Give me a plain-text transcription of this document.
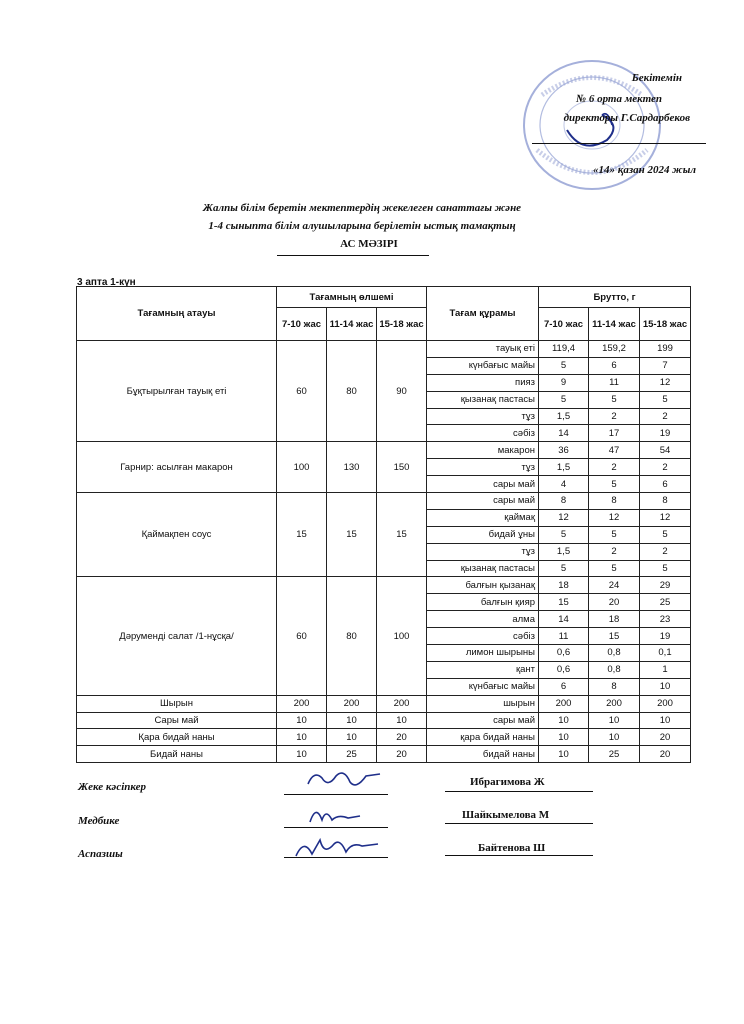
Бекітемін
№ 6 орта мектеп
директоры Г.Сардарбеков
«14» қазан 2024 жыл
Жалпы білім беретін мектептердің жекелеген санаттағы және
1-4 сыныпта білім алушыларына берілетін ыстық тамақтың
АС МӘЗІРІ
3 апта 1-күн
Тағамның атауы	Тағамның өлшемі			Тағам құрамы	Брутто, г		
	7-10 жас	11-14 жас	15-18 жас		7-10 жас	11-14 жас	15-18 жас
Бұқтырылған тауық еті	60	80	90	тауық еті	119,4	159,2	199
				күнбағыс майы	5	6	7
				пияз	9	11	12
				қызанақ пастасы	5	5	5
				тұз	1,5	2	2
				сәбіз	14	17	19
Гарнир: асылған макарон	100	130	150	макарон	36	47	54
				тұз	1,5	2	2
				сары май	4	5	6
Қаймақпен соус	15	15	15	сары май	8	8	8
				қаймақ	12	12	12
				бидай ұны	5	5	5
				тұз	1,5	2	2
				қызанақ пастасы	5	5	5
Дәрумендi салат /1-нұсқа/	60	80	100	балғын қызанақ	18	24	29
				балғын қияр	15	20	25
				алма	14	18	23
				сәбіз	11	15	19
				лимон шырыны	0,6	0,8	0,1
				қант	0,6	0,8	1
				күнбағыс майы	6	8	10
Шырын	200	200	200	шырын	200	200	200
Сары май	10	10	10	сары май	10	10	10
Қара бидай наны	10	10	20	қара бидай наны	10	10	20
Бидай наны	10	25	20	бидай наны	10	25	20
Жеке кәсіпкер	Ибрагимова Ж
Медбике	Шайкымелова М
Аспазшы	Байтенова Ш
